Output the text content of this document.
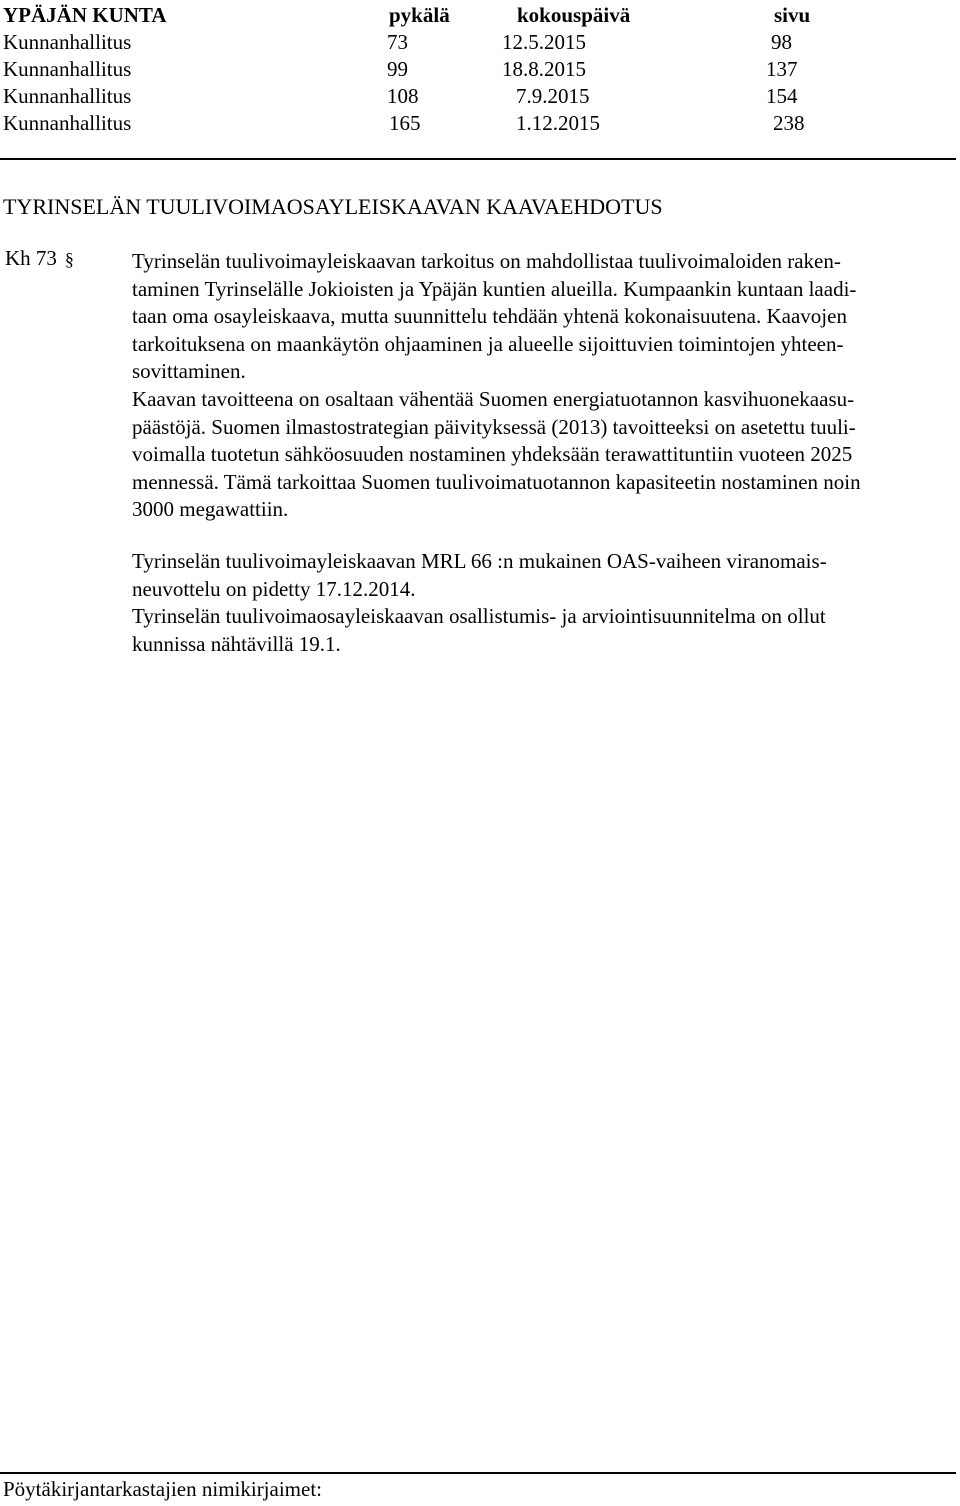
YPÄJÄN KUNTA	pykälä	kokouspäivä	sivu
Kunnanhallitus	73	12.5.2015	98
Kunnanhallitus	99	18.8.2015	137
Kunnanhallitus	108	7.9.2015	154
Kunnanhallitus	165	1.12.2015	238
TYRINSELÄN TUULIVOIMAOSAYLEISKAAVAN KAAVAEHDOTUS
Kh 73 §	Tyrinselän tuulivoimayleiskaavan tarkoitus on mahdollistaa tuulivoimaloiden raken-
taminen Tyrinselälle Jokioisten ja Ypäjän kuntien alueilla. Kumpaankin kuntaan laadi-
taan oma osayleiskaava, mutta suunnittelu tehdään yhtenä kokonaisuutena. Kaavojen
tarkoituksena on maankäytön ohjaaminen ja alueelle sijoittuvien toimintojen yhteen-
sovittaminen.
Kaavan tavoitteena on osaltaan vähentää Suomen energiatuotannon kasvihuonekaasu-
päästöjä. Suomen ilmastostrategian päivityksessä (2013) tavoitteeksi on asetettu tuuli-
voimalla tuotetun sähköosuuden nostaminen yhdeksään terawattituntiin vuoteen 2025
mennessä. Tämä tarkoittaa Suomen tuulivoimatuotannon kapasiteetin nostaminen noin
3000 megawattiin.
Tyrinselän tuulivoimayleiskaavan MRL 66 :n mukainen OAS-vaiheen viranomais-
neuvottelu on pidetty 17.12.2014.
Tyrinselän tuulivoimaosayleiskaavan osallistumis- ja arviointisuunnitelma on ollut
kunnissa nähtävillä 19.1.
Pöytäkirjantarkastajien nimikirjaimet:
